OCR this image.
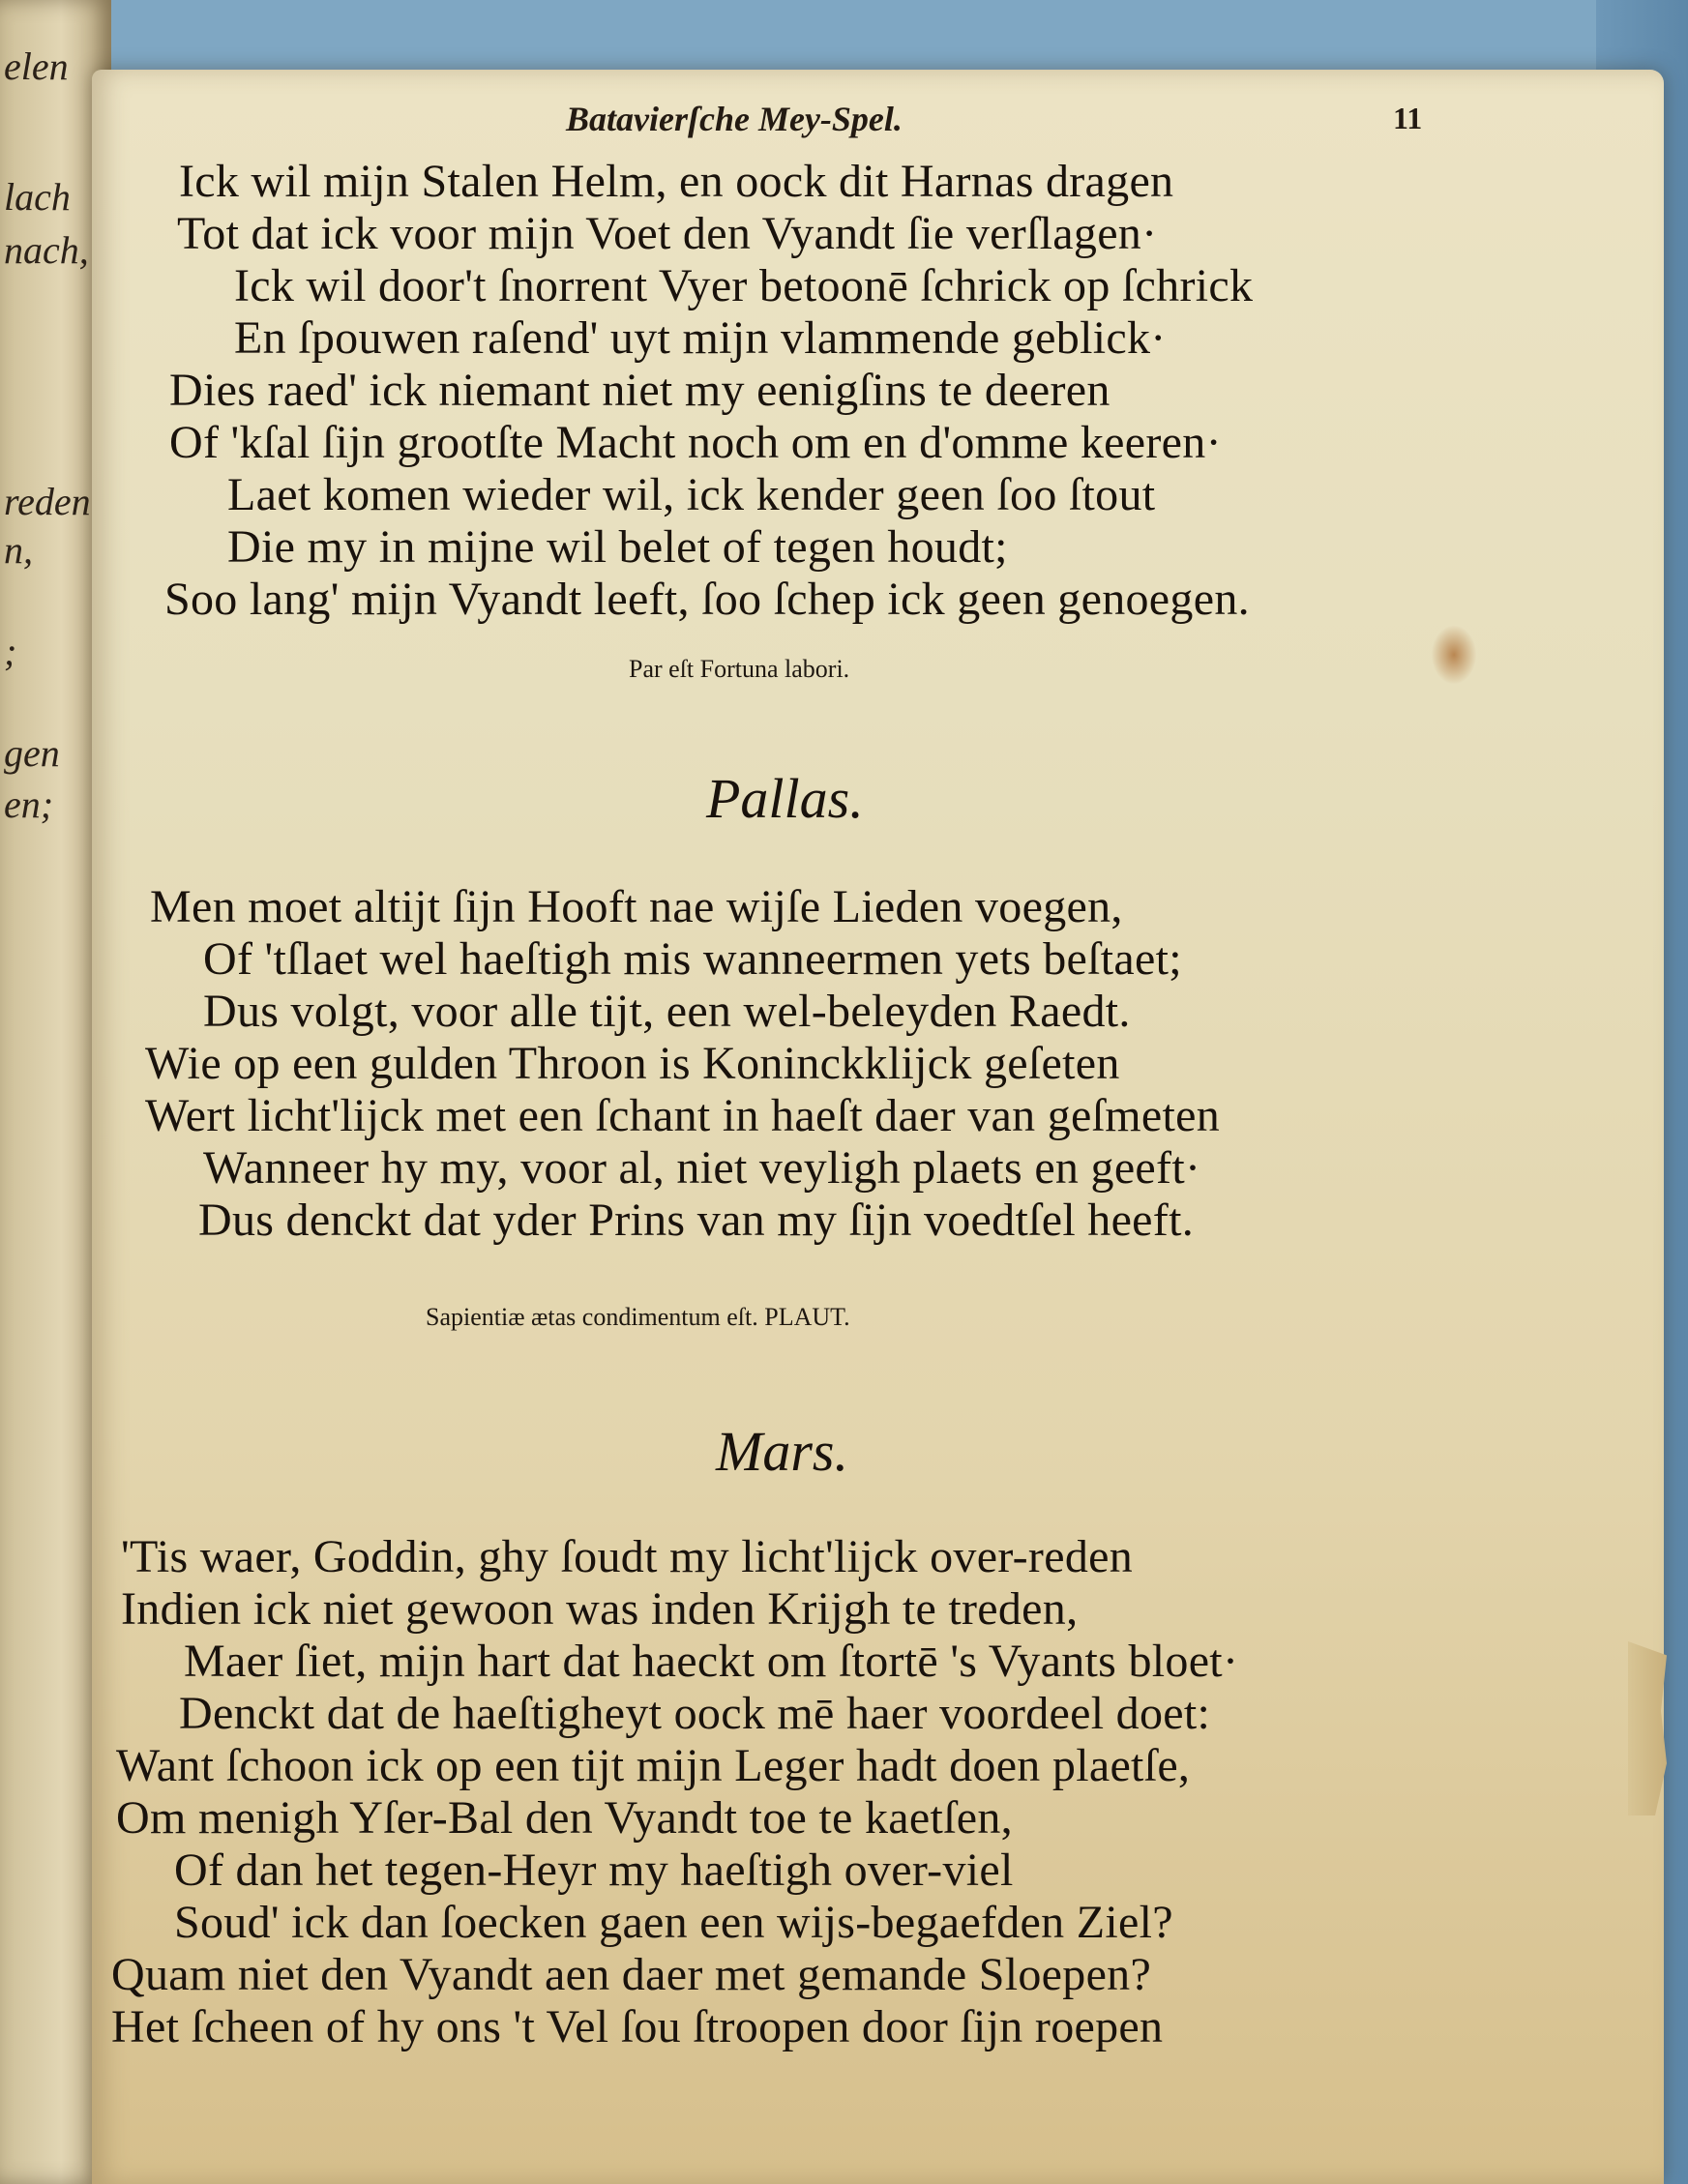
elen
lach
nach,
reden
n,
;
gen
en;
Batavierſche Mey-Spel.	11
Ick wil mijn Stalen Helm, en oock dit Harnas dragen
Tot dat ick voor mijn Voet den Vyandt ſie verſlagen·
Ick wil door't ſnorrent Vyer betoonē ſchrick op ſchrick
En ſpouwen raſend' uyt mijn vlammende geblick·
Dies raed' ick niemant niet my eenigſins te deeren
Of 'kſal ſijn grootſte Macht noch om en d'omme keeren·
Laet komen wieder wil, ick kender geen ſoo ſtout
Die my in mijne wil belet of tegen houdt;
Soo lang' mijn Vyandt leeft, ſoo ſchep ick geen genoegen.
Par eſt Fortuna labori.
Pallas.
Men moet altijt ſijn Hooft nae wijſe Lieden voegen,
Of 'tſlaet wel haeſtigh mis wanneermen yets beſtaet;
Dus volgt, voor alle tijt, een wel-beleyden Raedt.
Wie op een gulden Throon is Koninckklijck geſeten
Wert licht'lijck met een ſchant in haeſt daer van geſmeten
Wanneer hy my, voor al, niet veyligh plaets en geeft·
Dus denckt dat yder Prins van my ſijn voedtſel heeft.
Sapientiæ ætas condimentum eſt. PLAUT.
Mars.
'Tis waer, Goddin, ghy ſoudt my licht'lijck over-reden
Indien ick niet gewoon was inden Krijgh te treden,
Maer ſiet, mijn hart dat haeckt om ſtortē 's Vyants bloet·
Denckt dat de haeſtigheyt oock mē haer voordeel doet:
Want ſchoon ick op een tijt mijn Leger hadt doen plaetſe,
Om menigh Yſer-Bal den Vyandt toe te kaetſen,
Of dan het tegen-Heyr my haeſtigh over-viel
Soud' ick dan ſoecken gaen een wijs-begaefden Ziel?
Quam niet den Vyandt aen daer met gemande Sloepen?
Het ſcheen of hy ons 't Vel ſou ſtroopen door ſijn roepen
